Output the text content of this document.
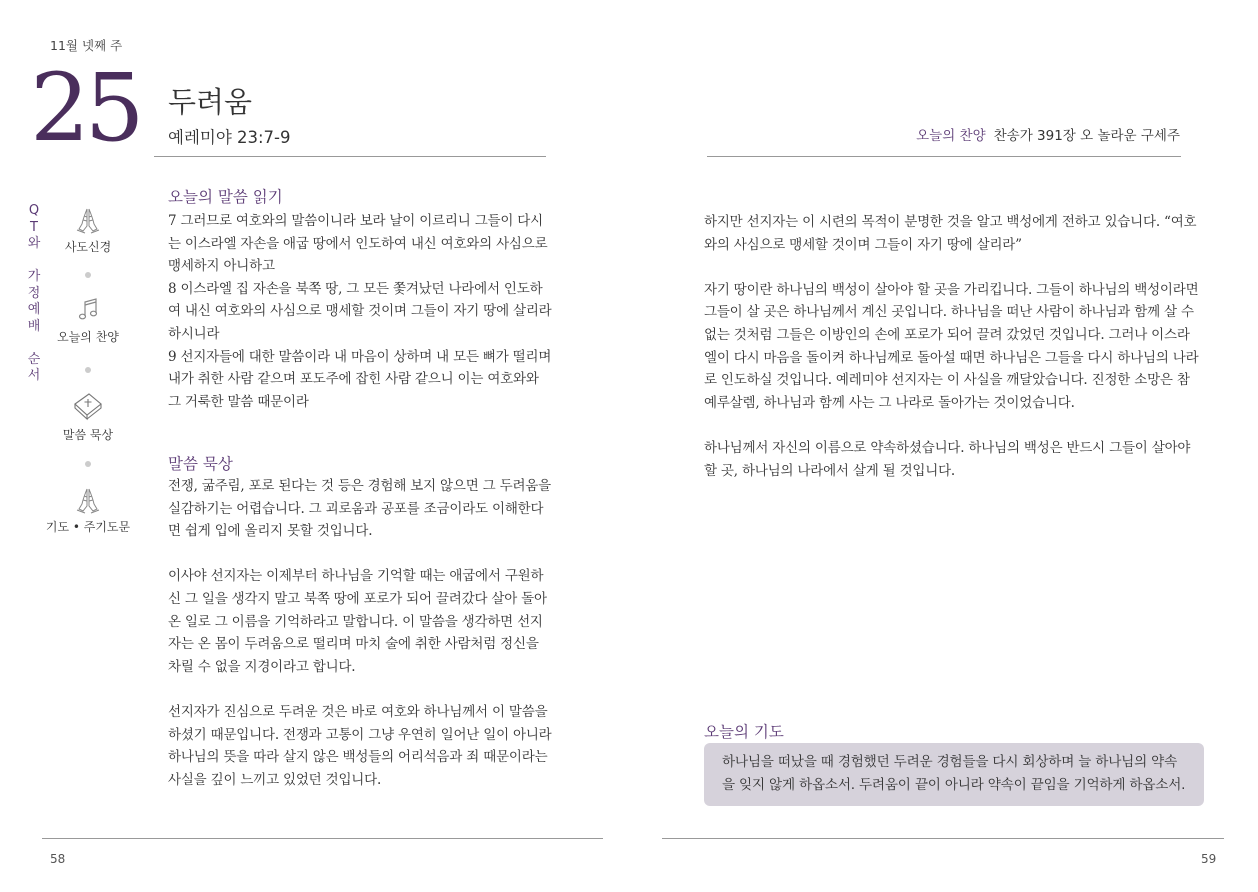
11월 넷째 주
25 두려움
예레미야 23:7-9
Q
T
와
가
정
예
배
순
서
사도신경
오늘의 찬양
말씀 묵상
기도 • 주기도문
오늘의 말씀 읽기

7 그러므로 여호와의 말씀이니라 보라 날이 이르리니 그들이 다시는 이스라엘 자손을 애굽 땅에서 인도하여 내신 여호와의 사심으로 맹세하지 아니하고

8 이스라엘 집 자손을 북쪽 땅, 그 모든 쫓겨났던 나라에서 인도하여 내신 여호와의 사심으로 맹세할 것이며 그들이 자기 땅에 살리라 하시니라

9 선지자들에 대한 말씀이라 내 마음이 상하며 내 모든 뼈가 떨리며 내가 취한 사람 같으며 포도주에 잡힌 사람 같으니 이는 여호와와 그 거룩한 말씀 때문이라

말씀 묵상

전쟁, 굶주림, 포로 된다는 것 등은 경험해 보지 않으면 그 두려움을 실감하기는 어렵습니다. 그 괴로움과 공포를 조금이라도 이해한다면 쉽게 입에 올리지 못할 것입니다.

이사야 선지자는 이제부터 하나님을 기억할 때는 애굽에서 구원하신 그 일을 생각지 말고 북쪽 땅에 포로가 되어 끌려갔다 살아 돌아온 일로 그 이름을 기억하라고 말합니다. 이 말씀을 생각하면 선지자는 온 몸이 두려움으로 떨리며 마치 술에 취한 사람처럼 정신을 차릴 수 없을 지경이라고 합니다.

선지자가 진심으로 두려운 것은 바로 여호와 하나님께서 이 말씀을 하셨기 때문입니다. 전쟁과 고통이 그냥 우연히 일어난 일이 아니라 하나님의 뜻을 따라 살지 않은 백성들의 어리석음과 죄 때문이라는 사실을 깊이 느끼고 있었던 것입니다.

58
오늘의 찬양 찬송가 391장 오 놀라운 구세주

하지만 선지자는 이 시련의 목적이 분명한 것을 알고 백성에게 전하고 있습니다. “여호와의 사심으로 맹세할 것이며 그들이 자기 땅에 살리라”

자기 땅이란 하나님의 백성이 살아야 할 곳을 가리킵니다. 그들이 하나님의 백성이라면 그들이 살 곳은 하나님께서 계신 곳입니다. 하나님을 떠난 사람이 하나님과 함께 살 수 없는 것처럼 그들은 이방인의 손에 포로가 되어 끌려 갔었던 것입니다. 그러나 이스라엘이 다시 마음을 돌이켜 하나님께로 돌아설 때면 하나님은 그들을 다시 하나님의 나라로 인도하실 것입니다. 예레미야 선지자는 이 사실을 깨달았습니다. 진정한 소망은 참 예루살렘, 하나님과 함께 사는 그 나라로 돌아가는 것이었습니다.

하나님께서 자신의 이름으로 약속하셨습니다. 하나님의 백성은 반드시 그들이 살아야 할 곳, 하나님의 나라에서 살게 될 것입니다.

오늘의 기도
하나님을 떠났을 때 경험했던 두려운 경험들을 다시 회상하며 늘 하나님의 약속을 잊지 않게 하옵소서. 두려움이 끝이 아니라 약속이 끝임을 기억하게 하옵소서.
59
